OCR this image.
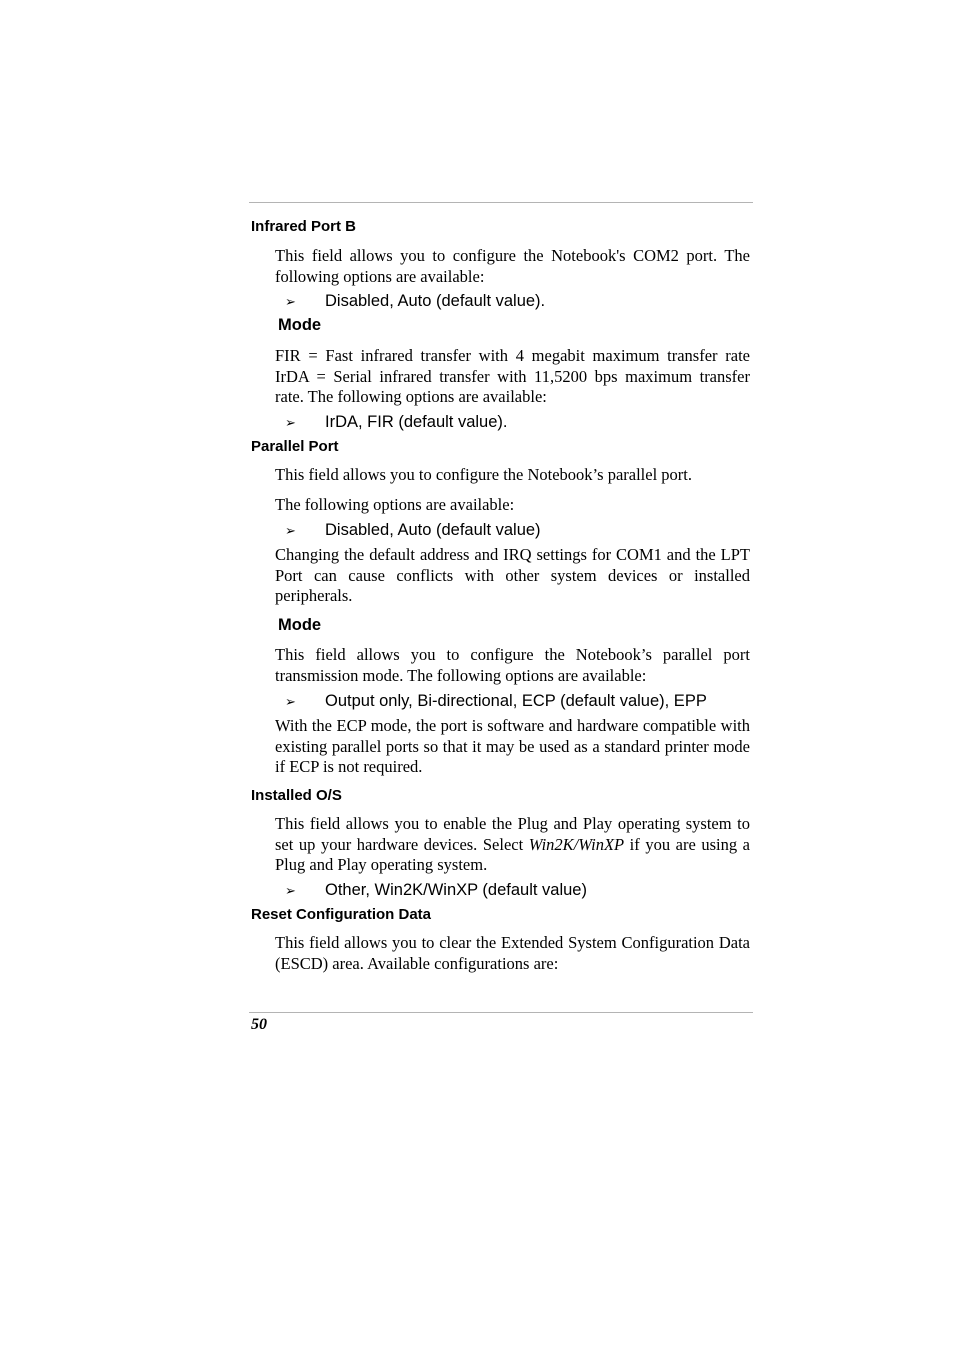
Infrared Port B
This field allows you to configure the Notebook's COM2 port. The following options are available:
➢ Disabled, Auto (default value).
Mode
FIR = Fast infrared transfer with 4 megabit maximum transfer rate IrDA = Serial infrared transfer with 11,5200 bps maximum transfer rate. The following options are available:
➢ IrDA, FIR (default value).
Parallel Port
This field allows you to configure the Notebook’s parallel port.
The following options are available:
➢ Disabled, Auto (default value)
Changing the default address and IRQ settings for COM1 and the LPT Port can cause conflicts with other system devices or installed peripherals.
Mode
This field allows you to configure the Notebook’s parallel port transmission mode. The following options are available:
➢ Output only, Bi-directional, ECP (default value), EPP
With the ECP mode, the port is software and hardware compatible with existing parallel ports so that it may be used as a standard printer mode if ECP is not required.
Installed O/S
This field allows you to enable the Plug and Play operating system to set up your hardware devices. Select Win2K/WinXP if you are using a Plug and Play operating system.
➢ Other, Win2K/WinXP (default value)
Reset Configuration Data
This field allows you to clear the Extended System Configuration Data (ESCD) area. Available configurations are:
50
